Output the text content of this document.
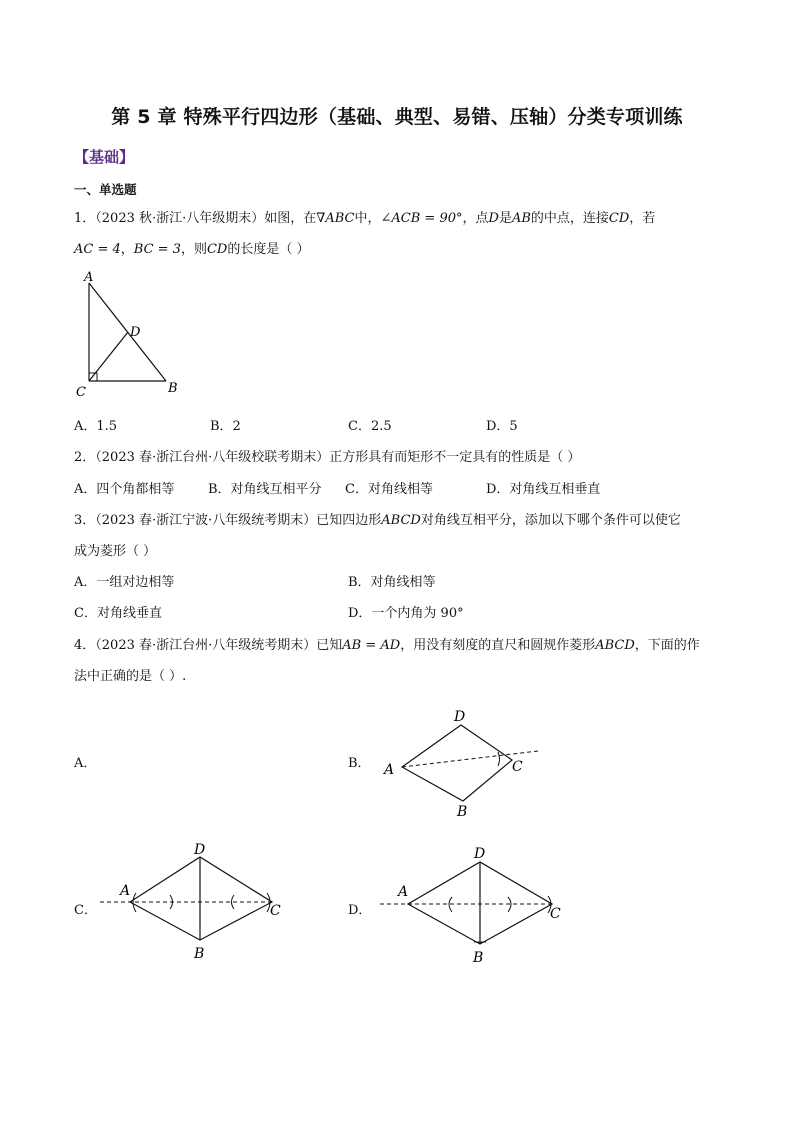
第 5 章 特殊平行四边形（基础、典型、易错、压轴）分类专项训练
【基础】
一、单选题
1．（2023 秋·浙江·八年级期末）如图，在∇ABC中，∠ACB = 90°，点D是AB的中点，连接CD，若
AC = 4，BC = 3，则CD的长度是（ ）
A
D
C	B
A．1.5	B．2	C．2.5	D．5
2．（2023 春·浙江台州·八年级校联考期末）正方形具有而矩形不一定具有的性质是（ ）
A．四个角都相等	B．对角线互相平分 C．对角线相等	D．对角线互相垂直
3．（2023 春·浙江宁波·八年级统考期末）已知四边形ABCD对角线互相平分，添加以下哪个条件可以使它
成为菱形（ ）
A．一组对边相等	B．对角线相等
C．对角线垂直	D．一个内角为 90°
4．（2023 春·浙江台州·八年级统考期末）已知AB = AD，用没有刻度的直尺和圆规作菱形ABCD，下面的作
法中正确的是（ ）.
A．	B．
C．	D．
D
A	C
B
D
A
C
B
D
A
C
B
